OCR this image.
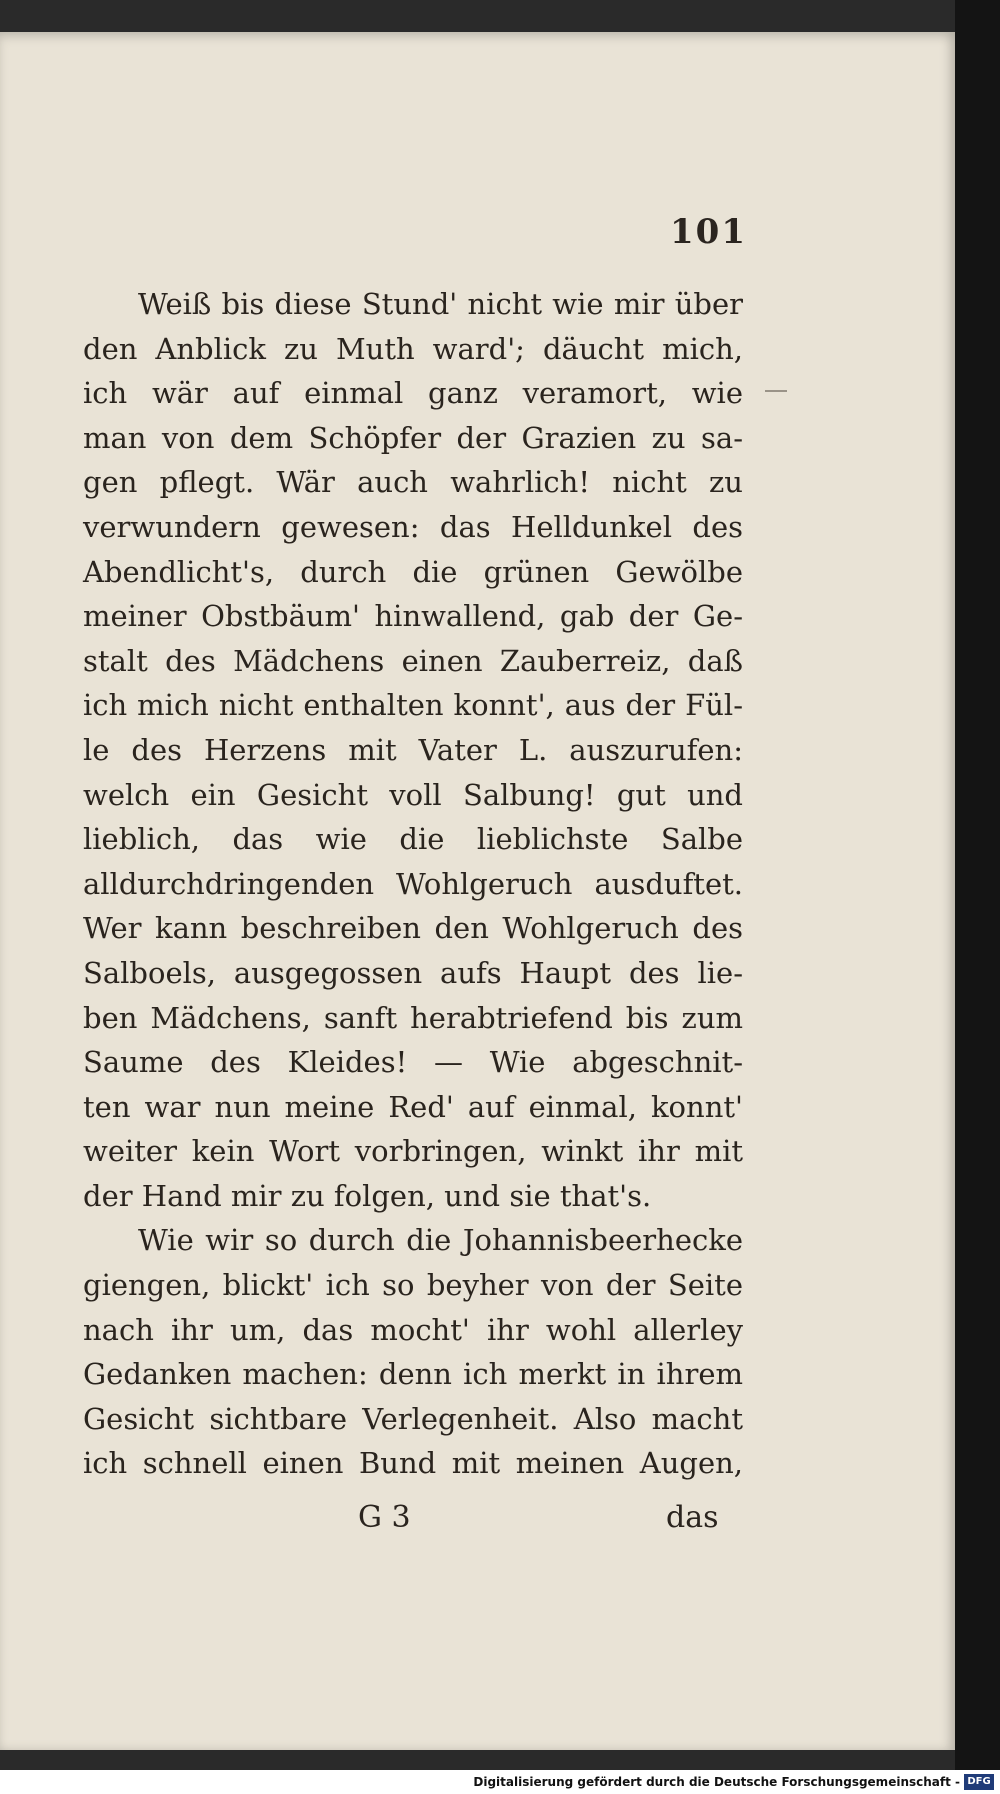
101
Weiß bis diese Stund' nicht wie mir über
den Anblick zu Muth ward'; däucht mich,
ich wär auf einmal ganz veramort, wie
man von dem Schöpfer der Grazien zu sa-
gen pflegt. Wär auch wahrlich! nicht zu
verwundern gewesen: das Helldunkel des
Abendlicht's, durch die grünen Gewölbe
meiner Obstbäum' hinwallend, gab der Ge-
stalt des Mädchens einen Zauberreiz, daß
ich mich nicht enthalten konnt', aus der Fül-
le des Herzens mit Vater L. auszurufen:
welch ein Gesicht voll Salbung! gut und
lieblich, das wie die lieblichste Salbe
alldurchdringenden Wohlgeruch ausduftet.
Wer kann beschreiben den Wohlgeruch des
Salboels, ausgegossen aufs Haupt des lie-
ben Mädchens, sanft herabtriefend bis zum
Saume des Kleides! — Wie abgeschnit-
ten war nun meine Red' auf einmal, konnt'
weiter kein Wort vorbringen, winkt ihr mit
der Hand mir zu folgen, und sie that's.
Wie wir so durch die Johannisbeerhecke
giengen, blickt' ich so beyher von der Seite
nach ihr um, das mocht' ihr wohl allerley
Gedanken machen: denn ich merkt in ihrem
Gesicht sichtbare Verlegenheit. Also macht
ich schnell einen Bund mit meinen Augen,
G 3	das
Digitalisierung gefördert durch die Deutsche Forschungsgemeinschaft - DFG
